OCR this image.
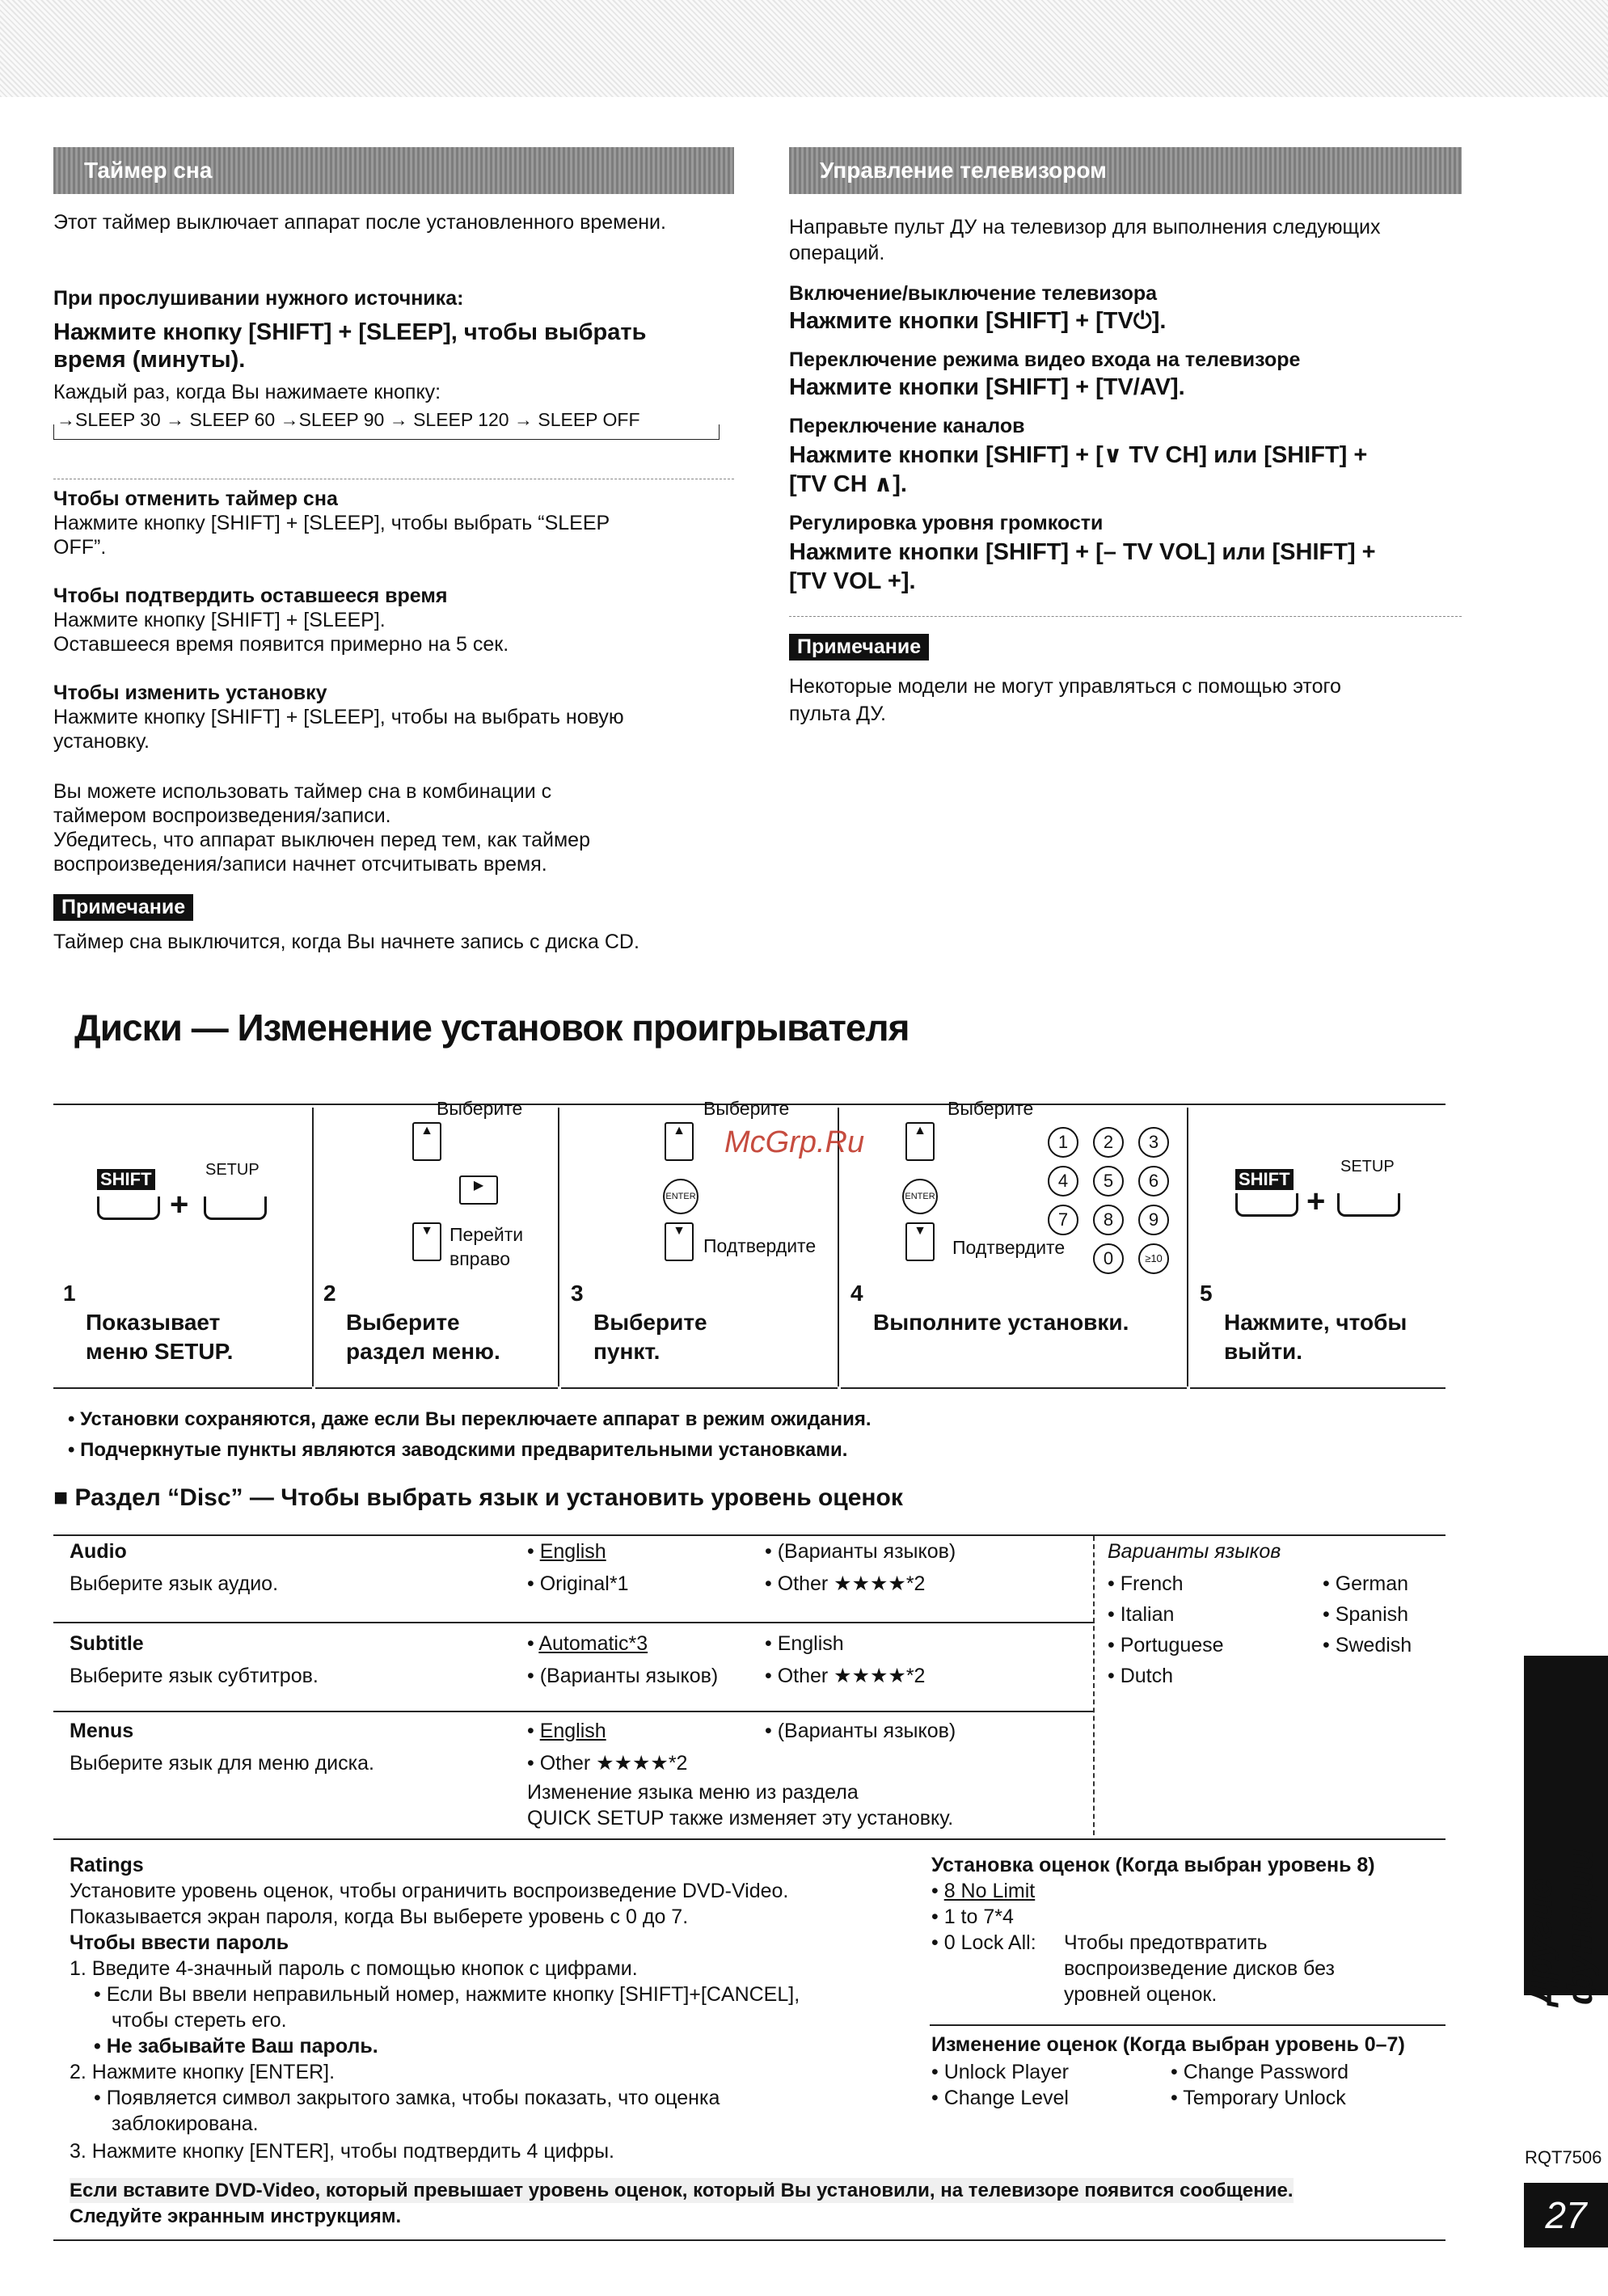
Таймер сна
Этот таймер выключает аппарат после установленного времени.
При прослушивании нужного источника:
Нажмите кнопку [SHIFT] + [SLEEP], чтобы выбрать
время (минуты).
Каждый раз, когда Вы нажимаете кнопку:
→SLEEP 30 → SLEEP 60 →SLEEP 90 → SLEEP 120 → SLEEP OFF
Чтобы отменить таймер сна
Нажмите кнопку [SHIFT] + [SLEEP], чтобы выбрать “SLEEP
OFF”.
Чтобы подтвердить оставшееся время
Нажмите кнопку [SHIFT] + [SLEEP].
Оставшееся время появится примерно на 5 сек.
Чтобы изменить установку
Нажмите кнопку [SHIFT] + [SLEEP], чтобы на выбрать новую
установку.
Вы можете использовать таймер сна в комбинации с
таймером воспроизведения/записи.
Убедитесь, что аппарат выключен перед тем, как таймер
воспроизведения/записи начнет отсчитывать время.
Примечание
Таймер сна выключится, когда Вы начнете запись с диска CD.
Управление телевизором
Направьте пульт ДУ на телевизор для выполнения следующих
операций.
Включение/выключение телевизора
Нажмите кнопки [SHIFT] + [TV⏻].
Переключение режима видео входа на телевизоре
Нажмите кнопки [SHIFT] + [TV/AV].
Переключение каналов
Нажмите кнопки [SHIFT] + [∨ TV CH] или [SHIFT] +
[TV CH ∧].
Регулировка уровня громкости
Нажмите кнопки [SHIFT] + [– TV VOL] или [SHIFT] +
[TV VOL +].
Примечание
Некоторые модели не могут управляться с помощью этого
пульта ДУ.
Диски — Изменение установок проигрывателя
SHIFT	SETUP
+
Выберите
▲
▶
▼ Перейти
вправо
Выберите
▲ McGrp.Ru
ENTER
▼
Подтвердите
Выберите
▲
ENTER
▼
Подтвердите
1	2	3
4	5	6
7	8	9
0	≥10
SHIFT
SETUP
+
1
Показывает
меню SETUP.
2
Выберите
раздел меню.
3
Выберите
пункт.
4
Выполните установки.
5
Нажмите, чтобы
выйти.
• Установки сохраняются, даже если Вы переключаете аппарат в режим ожидания.
• Подчеркнутые пункты являются заводскими предварительными установками.
■ Раздел “Disc” — Чтобы выбрать язык и установить уровень оценок
Audio
Выберите язык аудио.
• English	• (Варианты языков)
• Original*1	• Other ★★★★*2
Subtitle
Выберите язык субтитров.
• Automatic*3	• English
• (Варианты языков) • Other ★★★★*2
Menus
Выберите язык для меню диска.
• English	• (Варианты языков)
• Other ★★★★*2
Изменение языка меню из раздела
QUICK SETUP также изменяет эту установку.
Варианты языков
• French	• German
• Italian	• Spanish
• Portuguese	• Swedish
• Dutch
Ratings
Установите уровень оценок, чтобы ограничить воспроизведение DVD-Video.
Показывается экран пароля, когда Вы выберете уровень с 0 до 7.
Чтобы ввести пароль
1. Введите 4-значный пароль с помощью кнопок с цифрами.
• Если Вы ввели неправильный номер, нажмите кнопку [SHIFT]+[CANCEL],
чтобы стереть его.
• Не забывайте Ваш пароль.
2. Нажмите кнопку [ENTER].
• Появляется символ закрытого замка, чтобы показать, что оценка
заблокирована.
3. Нажмите кнопку [ENTER], чтобы подтвердить 4 цифры.
Установка оценок (Когда выбран уровень 8)
• 8 No Limit
• 1 to 7*4
• 0 Lock All: Чтобы предотвратить
воспроизведение дисков без
уровней оценок.
Изменение оценок (Когда выбран уровень 0–7)
• Unlock Player	• Change Password
• Change Level	• Temporary Unlock
Если вставите DVD-Video, который превышает уровень оценок, который Вы установили, на телевизоре появится сообщение.
Следуйте экранным инструкциям.
Другие функции
RQT7506
27
